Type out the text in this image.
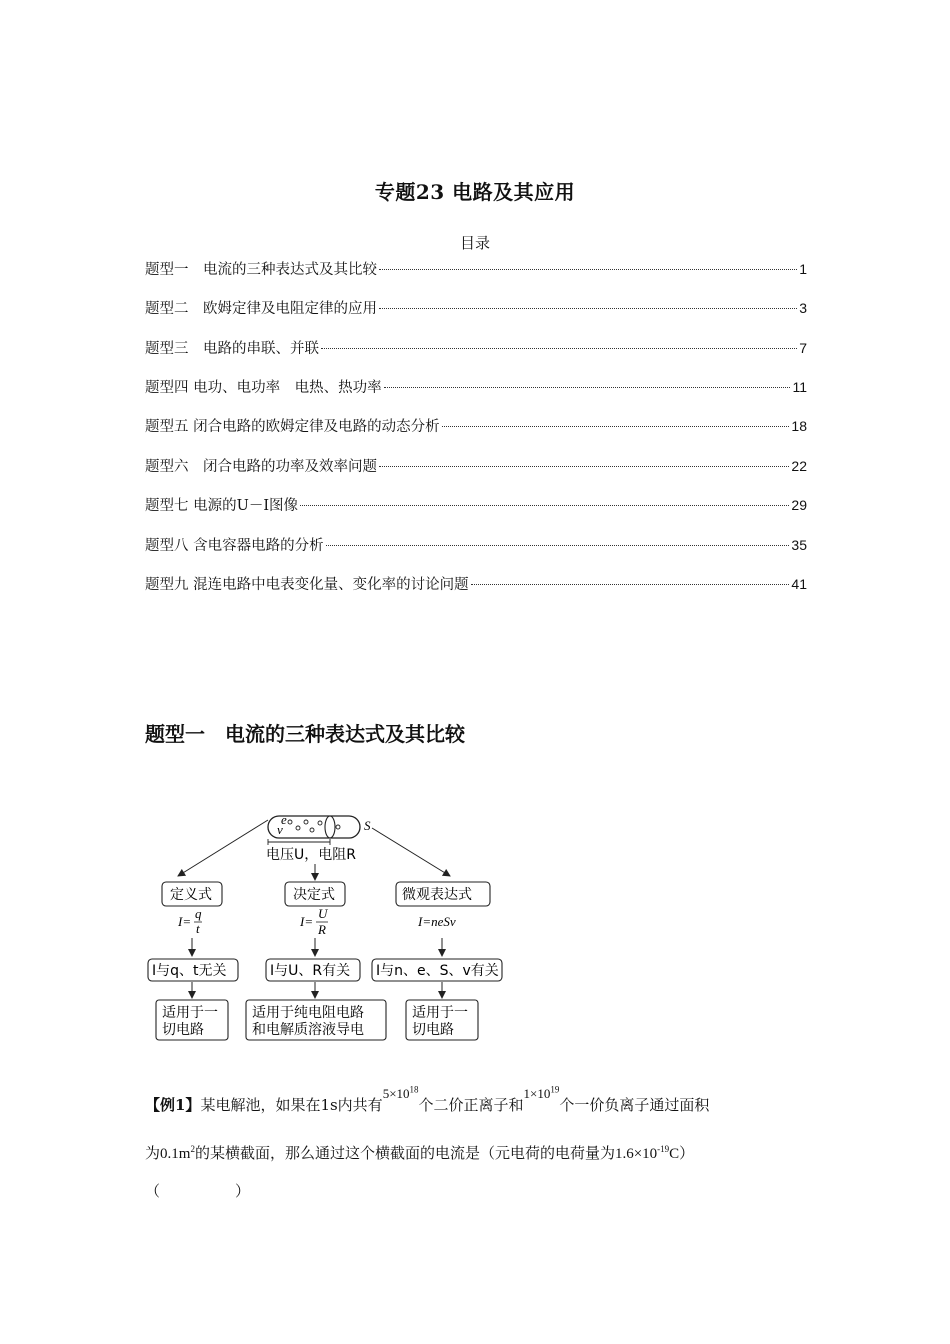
专题23 电路及其应用
目录
题型一　电流的三种表达式及其比较	1
题型二　欧姆定律及电阻定律的应用	3
题型三　电路的串联、并联	7
题型四 电功、电功率　电热、热功率	11
题型五 闭合电路的欧姆定律及电路的动态分析	18
题型六　闭合电路的功率及效率问题	22
题型七 电源的U－I图像	29
题型八 含电容器电路的分析	35
题型九 混连电路中电表变化量、变化率的讨论问题	41
题型一　电流的三种表达式及其比较
e
v	S
电压U，电阻R
定义式
I=
q
t
I与q、t无关
适用于一
切电路
决定式
I=
U
R
I与U、R有关
适用于纯电阻电路
和电解质溶液导电
微观表达式
I=neSv
I与n、e、S、v有关
适用于一
切电路
【例1】某电解池，如果在1s内共有$5\times 10^{18}$个二价正离子和$1\times 10^{19}$个一价负离子通过面积
为$0.1m^2$的某横截面，那么通过这个横截面的电流是（元电荷的电荷量为$1.6\times 10^{-19}C$）
（　　　　　）
